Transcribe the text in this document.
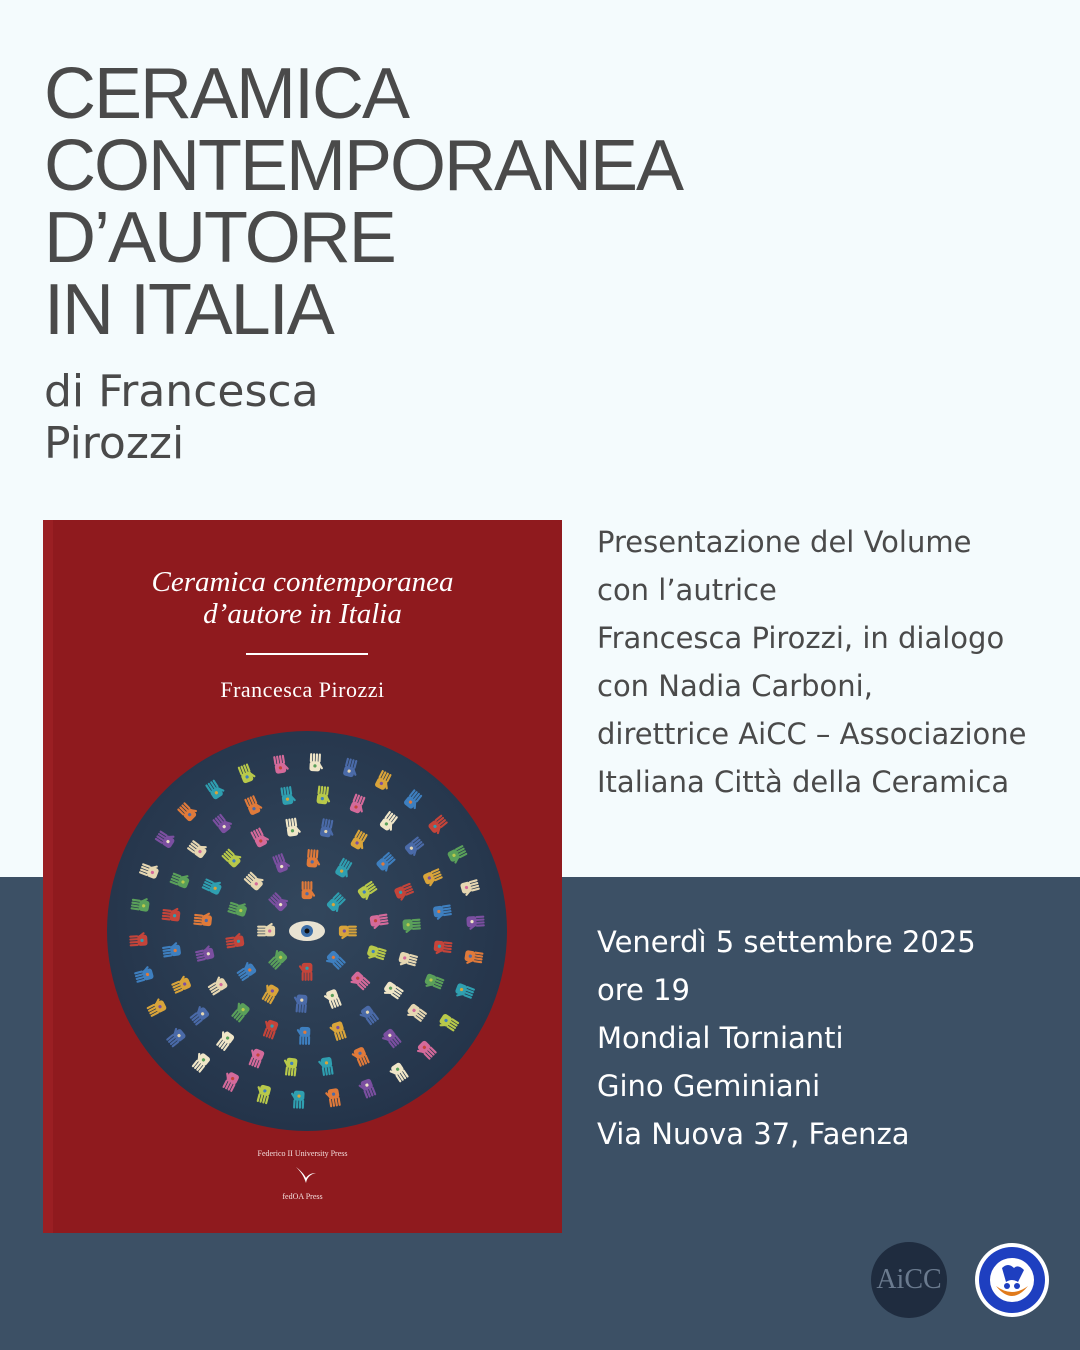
CERAMICA
CONTEMPORANEA
D’AUTORE
IN ITALIA

di Francesca
Pirozzi

Ceramica contemporanea
d’autore in Italia
Francesca Pirozzi
Federico II University Press
fedOA Press
Presentazione del Volume
con l’autrice
Francesca Pirozzi, in dialogo
con Nadia Carboni,
direttrice AiCC – Associazione
Italiana Città della Ceramica
Venerdì 5 settembre 2025
ore 19
Mondial Tornianti
Gino Geminiani
Via Nuova 37, Faenza
AiCC
